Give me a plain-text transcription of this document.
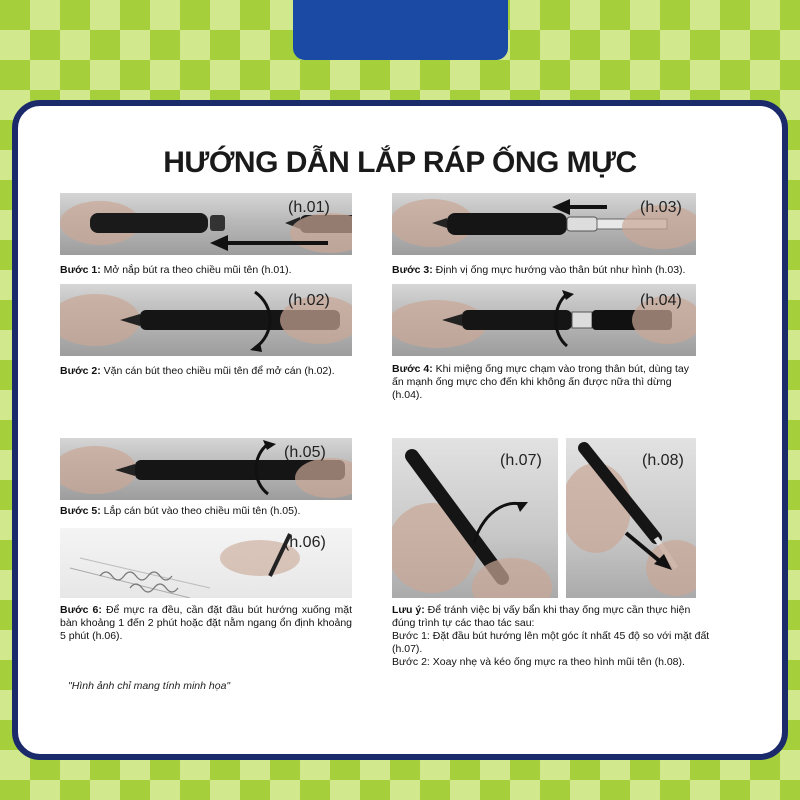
HƯỚNG DẪN LẮP RÁP ỐNG MỰC
(h.01)
Bước 1: Mở nắp bút ra theo chiều mũi tên (h.01).
(h.02)
Bước 2: Vặn cán bút theo chiều mũi tên để mở cán (h.02).
(h.03)
Bước 3: Định vị ống mực hướng vào thân bút như hình (h.03).
(h.04)
Bước 4: Khi miệng ống mực chạm vào trong thân bút, dùng tay ấn mạnh ống mực cho đến khi không ấn được nữa thì dừng (h.04).
(h.05)
Bước 5: Lắp cán bút vào theo chiều mũi tên (h.05).
(h.06)
Bước 6: Để mực ra đều, cần đặt đầu bút hướng xuống mặt bàn khoảng 1 đến 2 phút hoặc đặt nằm ngang ổn định khoảng 5 phút (h.06).
(h.07)	(h.08)
Lưu ý: Để tránh việc bị vấy bẩn khi thay ống mực cần thực hiện đúng trình tự các thao tác sau:
Bước 1: Đặt đầu bút hướng lên một góc ít nhất 45 độ so với mặt đất (h.07).
Bước 2: Xoay nhẹ và kéo ống mực ra theo hình mũi tên (h.08).
"Hình ảnh chỉ mang tính minh họa"
